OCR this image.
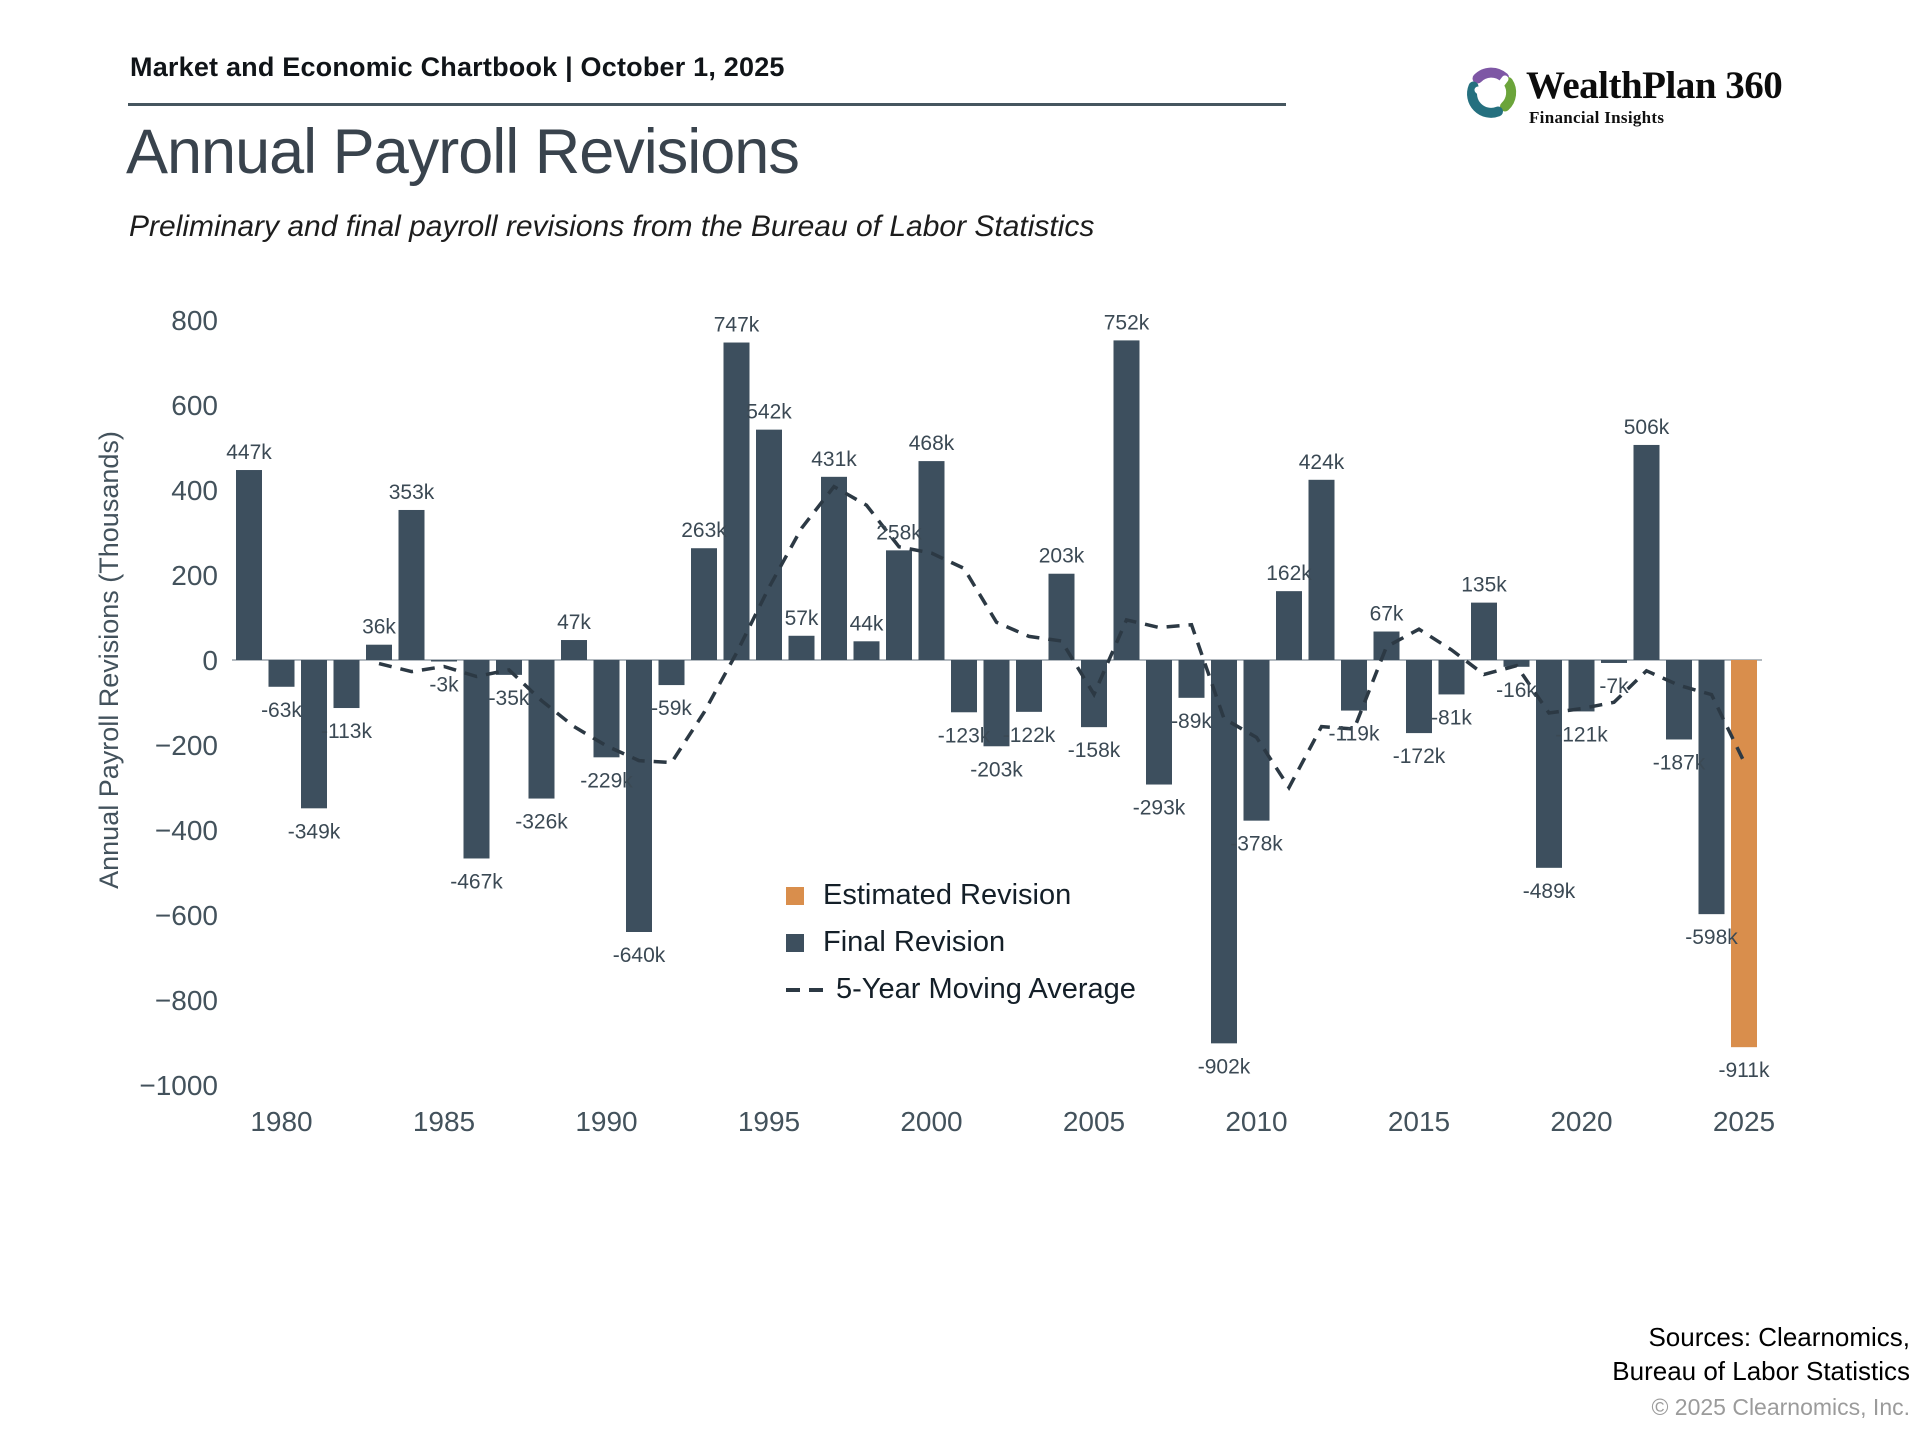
800
600
400
200
0
−200
−400
−600
−800
−1000
Annual Payroll Revisions (Thousands)	447k
-63k
-349k
-113k
36k
353k
-3k
-467k
-35k
-326k
47k
-229k
-640k
-59k
263k
747k
542k
57k
431k
44k
258k
468k
-123k
-203k
-122k
203k
-158k
752k
-293k
-89k
-902k
-378k
162k
424k
-119k
67k
-172k
-81k
135k
-16k
-489k
-121k
-7k
506k
-187k
-598k
-911k
1980	1985	1990	1995	2000	2005	2010	2015	2020	2025
Market and Economic Chartbook | October 1, 2025	WealthPlan 360
Financial Insights
Annual Payroll Revisions
Preliminary and final payroll revisions from the Bureau of Labor Statistics
Estimated Revision
Final Revision
5-Year Moving Average
Sources: Clearnomics,
Bureau of Labor Statistics
© 2025 Clearnomics, Inc.
